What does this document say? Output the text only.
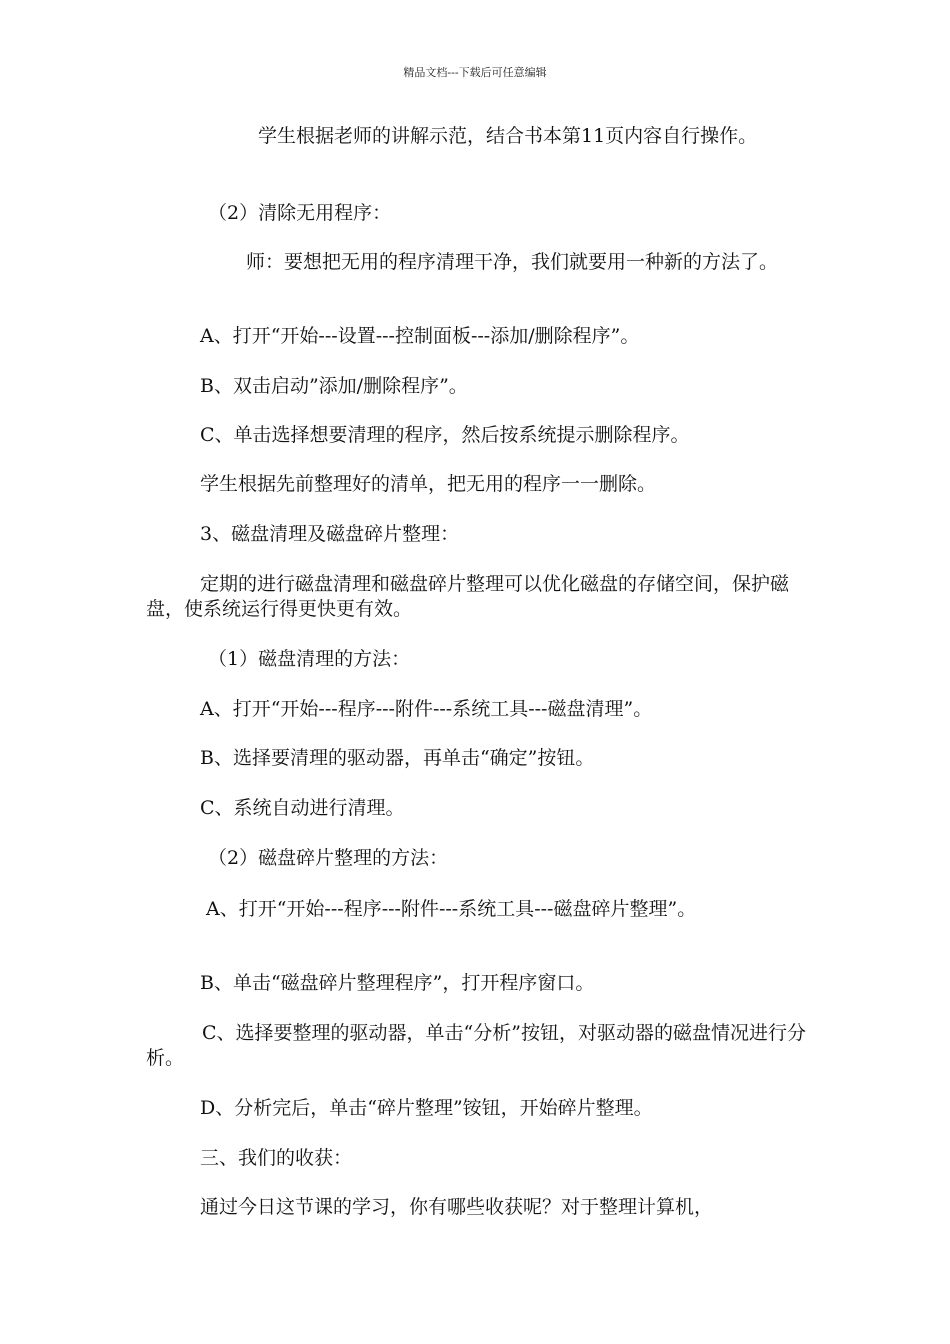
精品文档---下载后可任意编辑
学生根据老师的讲解示范，结合书本第11页内容自行操作。
（2）清除无用程序：
师：要想把无用的程序清理干净，我们就要用一种新的方法了。
A、打开“开始---设置---控制面板---添加/删除程序”。
B、双击启动”添加/删除程序”。
C、单击选择想要清理的程序，然后按系统提示删除程序。
学生根据先前整理好的清单，把无用的程序一一删除。
3、磁盘清理及磁盘碎片整理：
定期的进行磁盘清理和磁盘碎片整理可以优化磁盘的存储空间，保护磁盘，使系统运行得更快更有效。
（1）磁盘清理的方法：
A、打开“开始---程序---附件---系统工具---磁盘清理”。
B、选择要清理的驱动器，再单击“确定”按钮。
C、系统自动进行清理。
（2）磁盘碎片整理的方法：
A、打开“开始---程序---附件---系统工具---磁盘碎片整理”。
B、单击“磁盘碎片整理程序”，打开程序窗口。
C、选择要整理的驱动器，单击“分析”按钮，对驱动器的磁盘情况进行分析。
D、分析完后，单击“碎片整理”铵钮，开始碎片整理。
三、我们的收获：
通过今日这节课的学习，你有哪些收获呢？对于整理计算机，
